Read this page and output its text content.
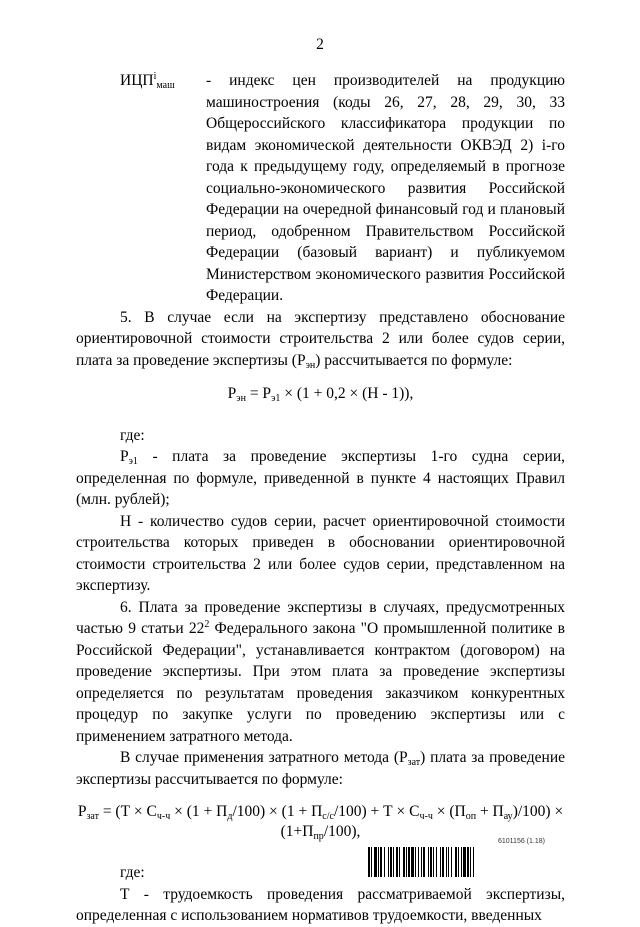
2
$ИЦП^i_{маш}$	- индекс цен производителей на продукцию машиностроения (коды 26, 27, 28, 29, 30, 33 Общероссийского классификатора продукции по видам экономической деятельности ОКВЭД 2) i-го года к предыдущему году, определяемый в прогнозе социально-экономического развития Российской Федерации на очередной финансовый год и плановый период, одобренном Правительством Российской Федерации (базовый вариант) и публикуемом Министерством экономического развития Российской Федерации.

5. В случае если на экспертизу представлено обоснование ориентировочной стоимости строительства 2 или более судов серии, плата за проведение экспертизы $(Р_{эн})$ рассчитывается по формуле:

$Р_{эн} = Р_{э1} \times (1 + 0,2 \times (Н - 1))$,

где:

$Р_{э1}$ - плата за проведение экспертизы 1-го судна серии, определенная по формуле, приведенной в пункте 4 настоящих Правил (млн. рублей);

Н - количество судов серии, расчет ориентировочной стоимости строительства которых приведен в обосновании ориентировочной стоимости строительства 2 или более судов серии, представленном на экспертизу.

6. Плата за проведение экспертизы в случаях, предусмотренных частью 9 статьи $22^2$ Федерального закона "О промышленной политике в Российской Федерации", устанавливается контрактом (договором) на проведение экспертизы. При этом плата за проведение экспертизы определяется по результатам проведения заказчиком конкурентных процедур по закупке услуги по проведению экспертизы или с применением затратного метода.

В случае применения затратного метода $(Р_{зат})$ плата за проведение экспертизы рассчитывается по формуле:

$Р_{зат} = (Т \times С_{ч-ч} \times (1 + П_д/100) \times (1 + П_{с/с}/100) + Т \times С_{ч-ч} \times (П_{оп} + П_{ау})/100)$ ×
$(1+П_{пр}/100)$,

где:

Т - трудоемкость проведения рассматриваемой экспертизы, определенная с использованием нормативов трудоемкости, введенных

6101156 (1.18)
